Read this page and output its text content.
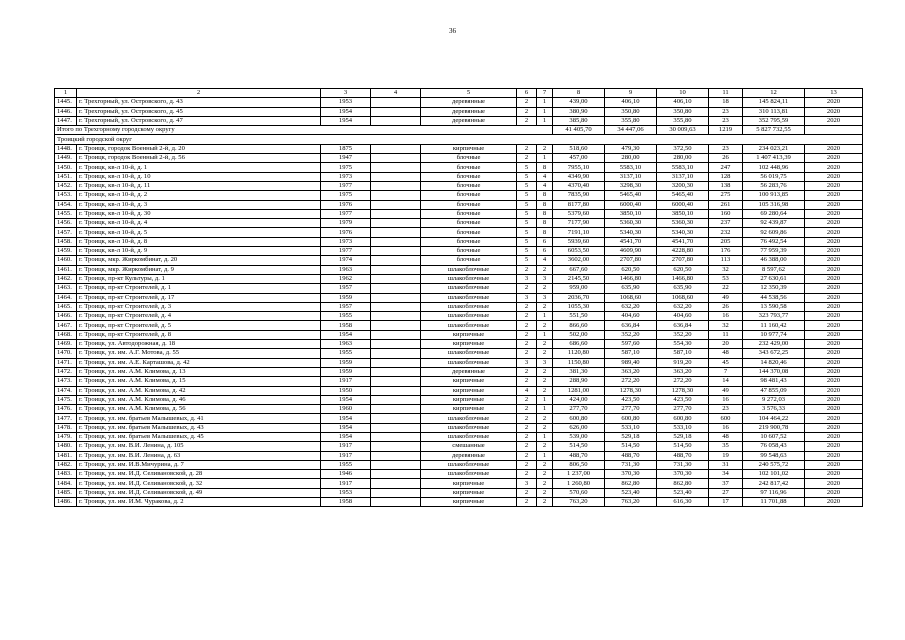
36
1	2	3	4	5	6	7	8	9	10	11	12	13
1445.	г. Трехгорный, ул. Островского, д. 43	1953		деревянные	2	1	439,00	406,10	406,10	18	145 824,11	2020
1446.	г. Трехгорный, ул. Островского, д. 45	1954		деревянные	2	1	380,90	350,80	350,80	23	310 113,81	2020
1447.	г. Трехгорный, ул. Островского, д. 47	1954		деревянные	2	1	385,80	355,80	355,80	23	352 795,59	2020
Итого по Трехгорному городскому округу							41 405,70	34 447,06	30 009,63	1219	5 827 732,55	
Троицкий городской округ												
1448.	г. Троицк, городок Военный 2-й, д. 20	1875		кирпичные	2	2	518,60	479,30	372,50	23	234 023,21	2020
1449.	г. Троицк, городок Военный 2-й, д. 56	1947		блочные	2	1	457,00	280,00	280,00	26	1 407 413,39	2020
1450.	г. Троицк, кв-л 10-й, д. 1	1975		блочные	5	8	7955,10	5583,10	5583,10	247	102 448,96	2020
1451.	г. Троицк, кв-л 10-й, д. 10	1973		блочные	5	4	4349,90	3137,10	3137,10	128	56 019,75	2020
1452.	г. Троицк, кв-л 10-й, д. 11	1977		блочные	5	4	4370,40	3298,30	3200,30	138	56 283,76	2020
1453.	г. Троицк, кв-л 10-й, д. 2	1975		блочные	5	8	7835,90	5465,40	5465,40	275	100 913,85	2020
1454.	г. Троицк, кв-л 10-й, д. 3	1976		блочные	5	8	8177,80	6000,40	6000,40	261	105 316,98	2020
1455.	г. Троицк, кв-л 10-й, д. 30	1977		блочные	5	8	5379,60	3850,10	3850,10	160	69 280,64	2020
1456.	г. Троицк, кв-л 10-й, д. 4	1979		блочные	5	8	7177,90	5360,30	5360,30	237	92 439,87	2020
1457.	г. Троицк, кв-л 10-й, д. 5	1976		блочные	5	8	7191,10	5340,30	5340,30	232	92 609,86	2020
1458.	г. Троицк, кв-л 10-й, д. 8	1973		блочные	5	6	5939,60	4541,70	4541,70	205	76 492,54	2020
1459.	г. Троицк, кв-л 10-й, д. 9	1977		блочные	5	6	6053,50	4609,90	4228,80	176	77 959,39	2020
1460.	г. Троицк, мкр. Жиркомбинат, д. 20	1974		блочные	5	4	3602,00	2707,80	2707,80	113	46 388,00	2020
1461.	г. Троицк, мкр. Жиркомбинат, д. 9	1963		шлакоблочные	2	2	667,60	620,50	620,50	32	8 597,62	2020
1462.	г. Троицк, пр-кт Культуры, д. 1	1962		шлакоблочные	3	3	2145,50	1466,80	1466,80	53	27 630,61	2020
1463.	г. Троицк, пр-кт Строителей, д. 1	1957		шлакоблочные	2	2	959,00	635,90	635,90	22	12 350,39	2020
1464.	г. Троицк, пр-кт Строителей, д. 17	1959		шлакоблочные	3	3	2036,70	1068,60	1068,60	49	44 538,56	2020
1465.	г. Троицк, пр-кт Строителей, д. 3	1957		шлакоблочные	2	2	1055,30	632,20	632,20	26	13 590,58	2020
1466.	г. Троицк, пр-кт Строителей, д. 4	1955		шлакоблочные	2	1	551,50	404,60	404,60	16	323 793,77	2020
1467.	г. Троицк, пр-кт Строителей, д. 5	1958		шлакоблочные	2	2	866,60	636,84	636,84	32	11 160,42	2020
1468.	г. Троицк, пр-кт Строителей, д. 8	1954		кирпичные	2	1	502,00	352,20	352,20	11	10 977,74	2020
1469.	г. Троицк, ул. Автодорожная, д. 18	1963		кирпичные	2	2	686,60	597,60	554,30	20	232 429,00	2020
1470.	г. Троицк, ул. им. А.Г. Мотова, д. 55	1955		шлакоблочные	2	2	1120,80	587,10	587,10	48	343 672,25	2020
1471.	г. Троицк, ул. им. А.Е. Карташова, д. 42	1959		шлакоблочные	3	3	1150,80	989,40	919,20	45	14 820,46	2020
1472.	г. Троицк, ул. им. А.М. Климова, д. 13	1959		деревянные	2	2	381,30	363,20	363,20	7	144 370,08	2020
1473.	г. Троицк, ул. им. А.М. Климова, д. 15	1917		кирпичные	2	2	288,90	272,20	272,20	14	98 481,43	2020
1474.	г. Троицк, ул. им. А.М. Климова, д. 42	1950		кирпичные	4	2	1281,00	1278,30	1278,30	49	47 855,09	2020
1475.	г. Троицк, ул. им. А.М. Климова, д. 46	1954		кирпичные	2	1	424,00	423,50	423,50	16	9 272,03	2020
1476.	г. Троицк, ул. им. А.М. Климова, д. 56	1960		кирпичные	2	1	277,70	277,70	277,70	23	3 576,33	2020
1477.	г. Троицк, ул. им. братьев Малышевых, д. 41	1954		шлакоблочные	2	2	600,80	600,80	600,80	600	104 464,22	2020
1478.	г. Троицк, ул. им. братьев Малышевых, д. 43	1954		шлакоблочные	2	2	626,00	533,10	533,10	16	219 900,78	2020
1479.	г. Троицк, ул. им. братьев Малышевых, д. 45	1954		шлакоблочные	2	1	539,00	529,18	529,18	48	10 607,52	2020
1480.	г. Троицк, ул. им. В.И. Ленина, д. 105	1917		смешанные	2	2	514,50	514,50	514,50	35	76 058,43	2020
1481.	г. Троицк, ул. им. В.И. Ленина, д. 63	1917		деревянные	2	1	488,70	488,70	488,70	19	99 548,63	2020
1482.	г. Троицк, ул. им. И.В.Мичурина, д. 7	1955		шлакоблочные	2	2	806,50	731,30	731,30	31	240 575,72	2020
1483.	г. Троицк, ул. им. И.Д. Селивановской, д. 28	1946		шлакоблочные	2	2	1 237,00	370,30	370,30	34	102 101,02	2020
1484.	г. Троицк, ул. им. И.Д. Селивановской, д. 32	1917		кирпичные	3	2	1 260,80	862,80	862,80	37	242 817,42	2020
1485.	г. Троицк, ул. им. И.Д. Селивановской, д. 49	1953		кирпичные	2	2	570,60	523,40	523,40	27	97 116,96	2020
1486.	г. Троицк, ул. им. И.М. Чуракова, д. 2	1958		кирпичные	2	2	763,20	763,20	616,30	17	11 701,88	2020
